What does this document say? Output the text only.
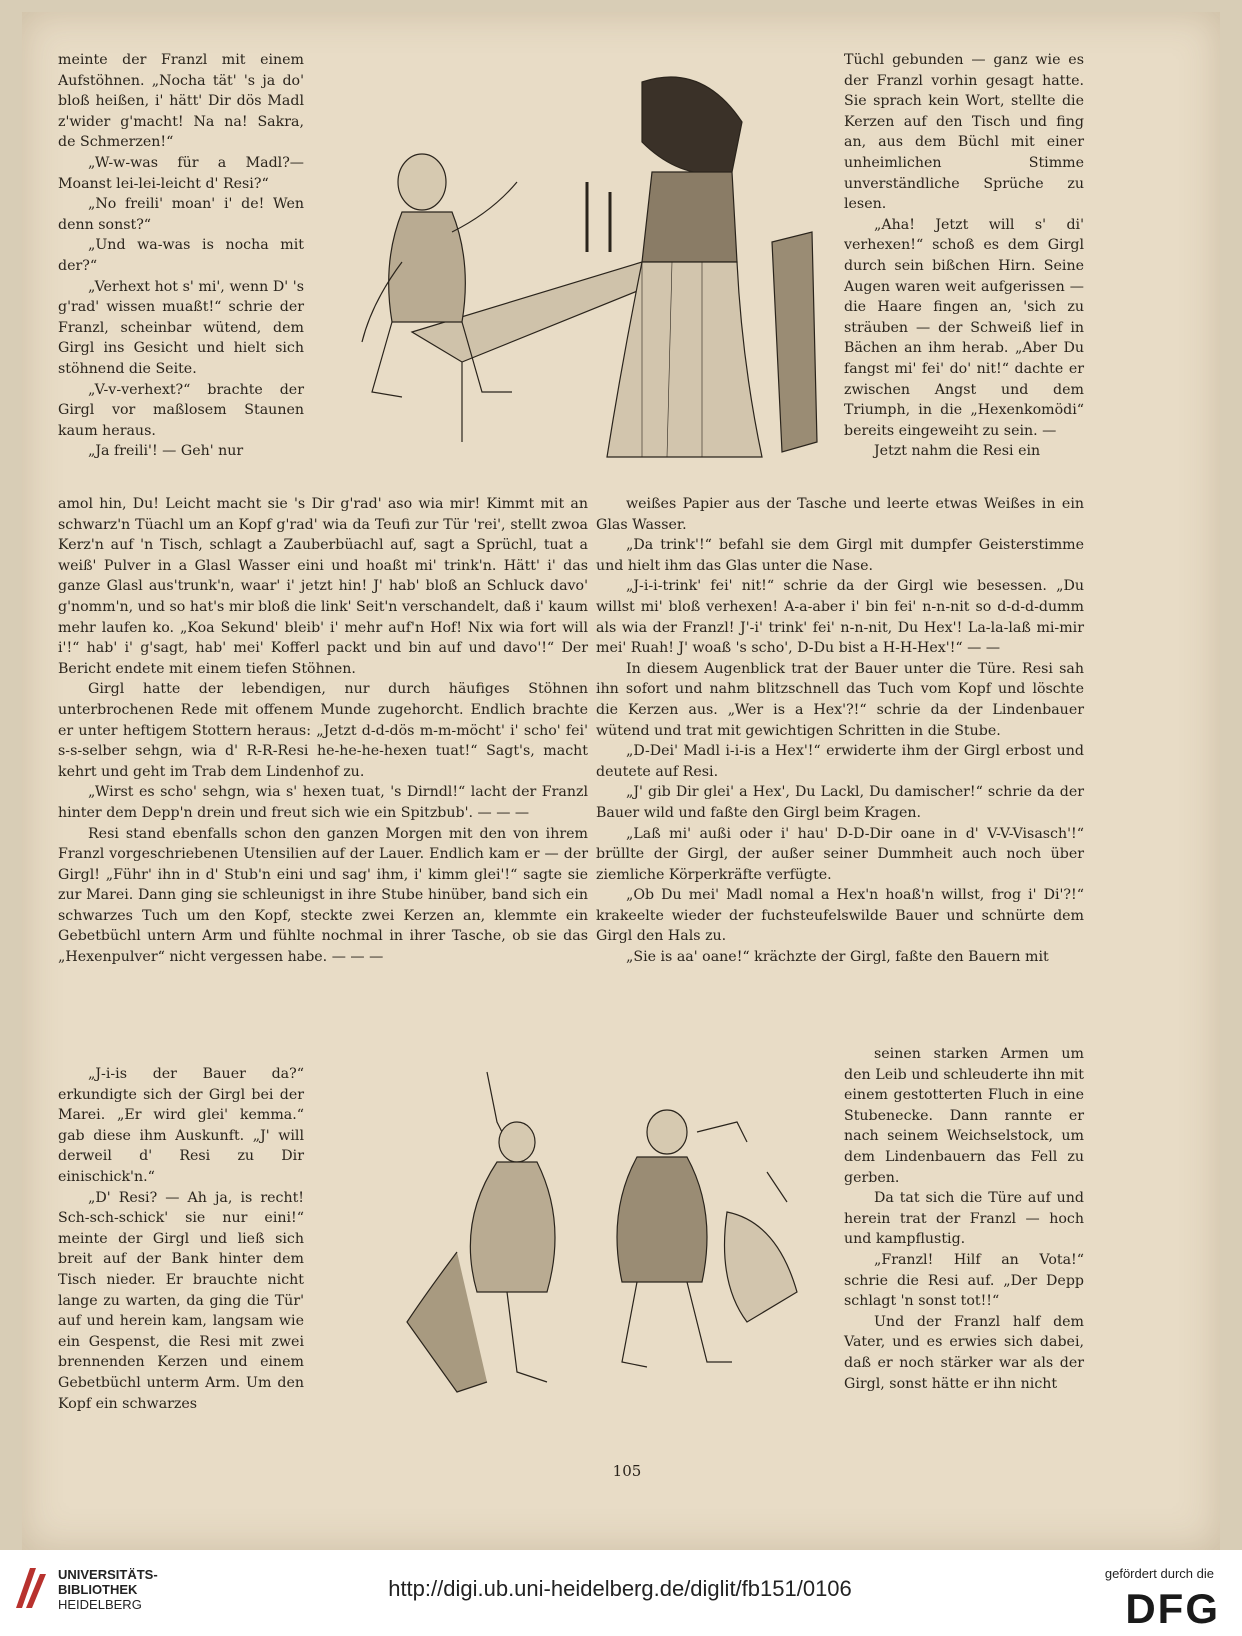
meinte der Franzl mit einem Aufstöhnen. „Nocha tät' 's ja do' bloß heißen, i' hätt' Dir dös Madl z'wider g'macht! Na na! Sakra, de Schmerzen!“

„W-w-was für a Madl?— Moanst lei-lei-leicht d' Resi?“

„No freili' moan' i' de! Wen denn sonst?“

„Und wa-was is nocha mit der?“

„Verhext hot s' mi', wenn D' 's g'rad' wissen muaßt!“ schrie der Franzl, scheinbar wütend, dem Girgl ins Gesicht und hielt sich stöhnend die Seite.

„V-v-verhext?“ brachte der Girgl vor maßlosem Staunen kaum heraus.

„Ja freili'! — Geh' nur

Tüchl gebunden — ganz wie es der Franzl vorhin gesagt hatte. Sie sprach kein Wort, stellte die Kerzen auf den Tisch und fing an, aus dem Büchl mit einer unheimlichen Stimme unverständliche Sprüche zu lesen.

„Aha! Jetzt will s' di' verhexen!“ schoß es dem Girgl durch sein bißchen Hirn. Seine Augen waren weit aufgerissen — die Haare fingen an, 'sich zu sträuben — der Schweiß lief in Bächen an ihm herab. „Aber Du fangst mi' fei' do' nit!“ dachte er zwischen Angst und dem Triumph, in die „Hexenkomödi“ bereits eingeweiht zu sein. —

Jetzt nahm die Resi ein

amol hin, Du! Leicht macht sie 's Dir g'rad' aso wia mir! Kimmt mit an schwarz'n Tüachl um an Kopf g'rad' wia da Teufi zur Tür 'rei', stellt zwoa Kerz'n auf 'n Tisch, schlagt a Zauberbüachl auf, sagt a Sprüchl, tuat a weiß' Pulver in a Glasl Wasser eini und hoaßt mi' trink'n. Hätt' i' das ganze Glasl aus'trunk'n, waar' i' jetzt hin! J' hab' bloß an Schluck davo' g'nomm'n, und so hat's mir bloß die link' Seit'n verschandelt, daß i' kaum mehr laufen ko. „Koa Sekund' bleib' i' mehr auf'n Hof! Nix wia fort will i'!“ hab' i' g'sagt, hab' mei' Kofferl packt und bin auf und davo'!“ Der Bericht endete mit einem tiefen Stöhnen.

Girgl hatte der lebendigen, nur durch häufiges Stöhnen unterbrochenen Rede mit offenem Munde zugehorcht. Endlich brachte er unter heftigem Stottern heraus: „Jetzt d-d-dös m-m-möcht' i' scho' fei' s-s-selber sehgn, wia d' R-R-Resi he-he-he-hexen tuat!“ Sagt's, macht kehrt und geht im Trab dem Lindenhof zu.

„Wirst es scho' sehgn, wia s' hexen tuat, 's Dirndl!“ lacht der Franzl hinter dem Depp'n drein und freut sich wie ein Spitzbub'. — — —

Resi stand ebenfalls schon den ganzen Morgen mit den von ihrem Franzl vorgeschriebenen Utensilien auf der Lauer. Endlich kam er — der Girgl! „Führ' ihn in d' Stub'n eini und sag' ihm, i' kimm glei'!“ sagte sie zur Marei. Dann ging sie schleunigst in ihre Stube hinüber, band sich ein schwarzes Tuch um den Kopf, steckte zwei Kerzen an, klemmte ein Gebetbüchl untern Arm und fühlte nochmal in ihrer Tasche, ob sie das „Hexenpulver“ nicht vergessen habe. — — —

weißes Papier aus der Tasche und leerte etwas Weißes in ein Glas Wasser.

„Da trink'!“ befahl sie dem Girgl mit dumpfer Geisterstimme und hielt ihm das Glas unter die Nase.

„J-i-i-trink' fei' nit!“ schrie da der Girgl wie besessen. „Du willst mi' bloß verhexen! A-a-aber i' bin fei' n-n-nit so d-d-d-dumm als wia der Franzl! J'-i' trink' fei' n-n-nit, Du Hex'! La-la-laß mi-mir mei' Ruah! J' woaß 's scho', D-Du bist a H-H-Hex'!“ — —

In diesem Augenblick trat der Bauer unter die Türe. Resi sah ihn sofort und nahm blitzschnell das Tuch vom Kopf und löschte die Kerzen aus. „Wer is a Hex'?!“ schrie da der Lindenbauer wütend und trat mit gewichtigen Schritten in die Stube.

„D-Dei' Madl i-i-is a Hex'!“ erwiderte ihm der Girgl erbost und deutete auf Resi.

„J' gib Dir glei' a Hex', Du Lackl, Du damischer!“ schrie da der Bauer wild und faßte den Girgl beim Kragen.

„Laß mi' außi oder i' hau' D-D-Dir oane in d' V-V-Visasch'!“ brüllte der Girgl, der außer seiner Dummheit auch noch über ziemliche Körperkräfte verfügte.

„Ob Du mei' Madl nomal a Hex'n hoaß'n willst, frog i' Di'?!“ krakeelte wieder der fuchsteufelswilde Bauer und schnürte dem Girgl den Hals zu.

„Sie is aa' oane!“ krächzte der Girgl, faßte den Bauern mit

„J-i-is der Bauer da?“ erkundigte sich der Girgl bei der Marei. „Er wird glei' kemma.“ gab diese ihm Auskunft. „J' will derweil d' Resi zu Dir einischick'n.“

„D' Resi? — Ah ja, is recht! Sch-sch-schick' sie nur eini!“ meinte der Girgl und ließ sich breit auf der Bank hinter dem Tisch nieder. Er brauchte nicht lange zu warten, da ging die Tür' auf und herein kam, langsam wie ein Gespenst, die Resi mit zwei brennenden Kerzen und einem Gebetbüchl unterm Arm. Um den Kopf ein schwarzes

seinen starken Armen um den Leib und schleuderte ihn mit einem gestotterten Fluch in eine Stubenecke. Dann rannte er nach seinem Weichselstock, um dem Lindenbauern das Fell zu gerben.

Da tat sich die Türe auf und herein trat der Franzl — hoch und kampflustig.

„Franzl! Hilf an Vota!“ schrie die Resi auf. „Der Depp schlagt 'n sonst tot!!“

Und der Franzl half dem Vater, und es erwies sich dabei, daß er noch stärker war als der Girgl, sonst hätte er ihn nicht

105
UNIVERSITÄTS-
BIBLIOTHEK
HEIDELBERG
http://digi.ub.uni-heidelberg.de/diglit/fb151/0106
gefördert durch die
DFG
